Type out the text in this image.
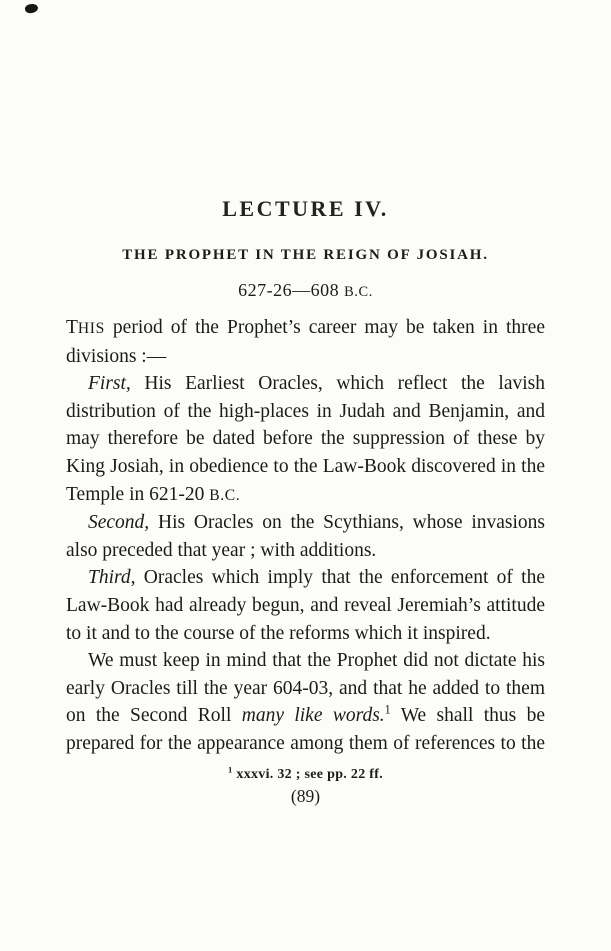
LECTURE IV.
THE PROPHET IN THE REIGN OF JOSIAH.
627-26—608 B.C.

THIS period of the Prophet’s career may be taken in three divisions :—

First, His Earliest Oracles, which reflect the lavish distribution of the high-places in Judah and Benjamin, and may therefore be dated before the suppression of these by King Josiah, in obedience to the Law-Book discovered in the Temple in 621-20 B.C.

Second, His Oracles on the Scythians, whose invasions also preceded that year ; with additions.

Third, Oracles which imply that the enforcement of the Law-Book had already begun, and reveal Jeremiah’s attitude to it and to the course of the reforms which it inspired.

We must keep in mind that the Prophet did not dictate his early Oracles till the year 604-03, and that he added to them on the Second Roll many like words.$^1$ We shall thus be prepared for the appearance among them of references to the

$^1$ xxxvi. 32 ; see pp. 22 ff.
(89)
